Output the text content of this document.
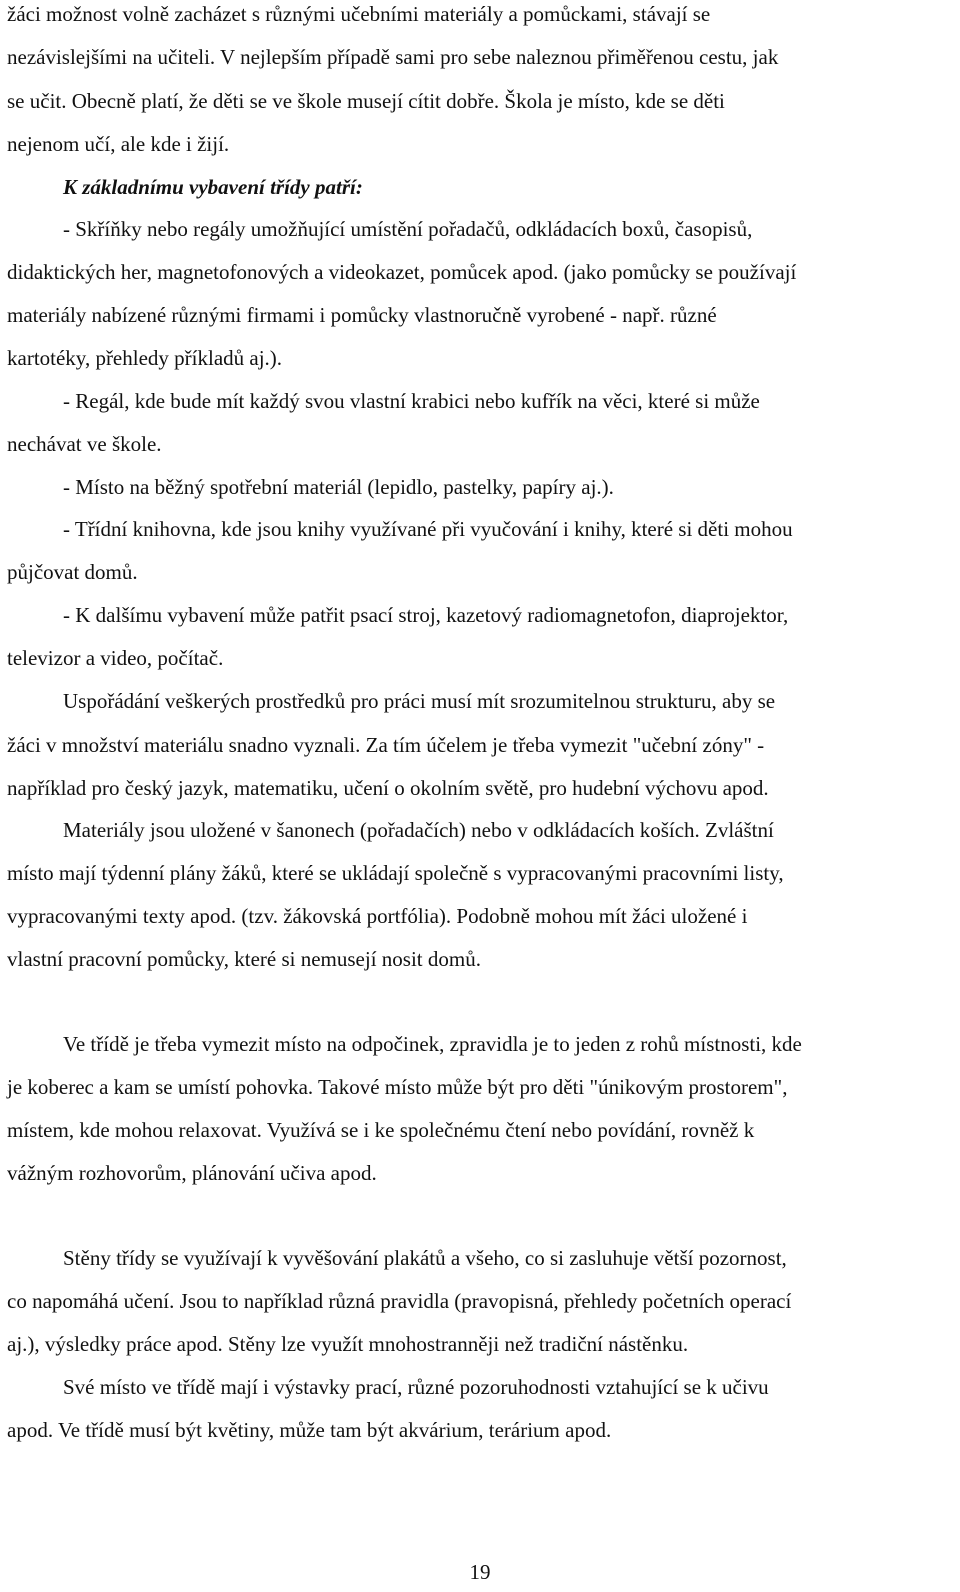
žáci možnost volně zacházet s různými učebními materiály a pomůckami, stávají se

nezávislejšími na učiteli. V nejlepším případě sami pro sebe naleznou přiměřenou cestu, jak

se učit. Obecně platí, že děti se ve škole musejí cítit dobře. Škola je místo, kde se děti

nejenom učí, ale kde i žijí.

K základnímu vybavení třídy patří:

- Skříňky nebo regály umožňující umístění pořadačů, odkládacích boxů, časopisů,

didaktických her, magnetofonových a videokazet, pomůcek apod. (jako pomůcky se používají

materiály nabízené různými firmami i pomůcky vlastnoručně vyrobené - např. různé

kartotéky, přehledy příkladů aj.).

- Regál, kde bude mít každý svou vlastní krabici nebo kufřík na věci, které si může

nechávat ve škole.

- Místo na běžný spotřební materiál (lepidlo, pastelky, papíry aj.).

- Třídní knihovna, kde jsou knihy využívané při vyučování i knihy, které si děti mohou

půjčovat domů.

- K dalšímu vybavení může patřit psací stroj, kazetový radiomagnetofon, diaprojektor,

televizor a video, počítač.

Uspořádání veškerých prostředků pro práci musí mít srozumitelnou strukturu, aby se

žáci v množství materiálu snadno vyznali. Za tím účelem je třeba vymezit "učební zóny" -

například pro český jazyk, matematiku, učení o okolním světě, pro hudební výchovu apod.

Materiály jsou uložené v šanonech (pořadačích) nebo v odkládacích koších. Zvláštní

místo mají týdenní plány žáků, které se ukládají společně s vypracovanými pracovními listy,

vypracovanými texty apod. (tzv. žákovská portfólia). Podobně mohou mít žáci uložené i

vlastní pracovní pomůcky, které si nemusejí nosit domů.

Ve třídě je třeba vymezit místo na odpočinek, zpravidla je to jeden z rohů místnosti, kde

je koberec a kam se umístí pohovka. Takové místo může být pro děti "únikovým prostorem",

místem, kde mohou relaxovat. Využívá se i ke společnému čtení nebo povídání, rovněž k

vážným rozhovorům, plánování učiva apod.

Stěny třídy se využívají k vyvěšování plakátů a všeho, co si zasluhuje větší pozornost,

co napomáhá učení. Jsou to například různá pravidla (pravopisná, přehledy početních operací

aj.), výsledky práce apod. Stěny lze využít mnohostranněji než tradiční nástěnku.

Své místo ve třídě mají i výstavky prací, různé pozoruhodnosti vztahující se k učivu

apod. Ve třídě musí být květiny, může tam být akvárium, terárium apod.

19
